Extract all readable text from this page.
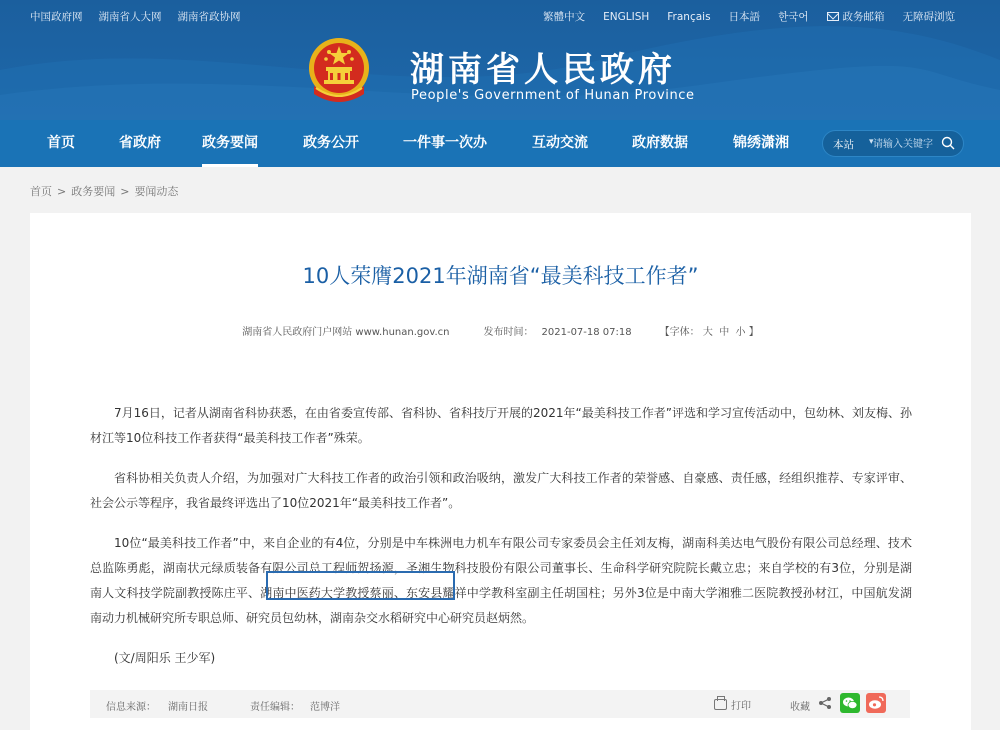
中国政府网 湖南省人大网 湖南省政协网	繁體中文 ENGLISH Français 日本語 한국어	政务邮箱 无障碍浏览
湖南省人民政府
People's Government of Hunan Province
首页	省政府	政务要闻	政务公开	一件事一次办	互动交流	政府数据	锦绣潇湘	本站 ▾
请输入关键字
首页 > 政务要闻 > 要闻动态
10人荣膺2021年湖南省“最美科技工作者”
湖南省人民政府门户网站 www.hunan.gov.cn	发布时间： 2021-07-18 07:18	【字体： 大 中 小 】

7月16日，记者从湖南省科协获悉，在由省委宣传部、省科协、省科技厅开展的2021年“最美科技工作者”评选和学习宣传活动中，包幼林、刘友梅、孙材江等10位科技工作者获得“最美科技工作者”殊荣。

省科协相关负责人介绍，为加强对广大科技工作者的政治引领和政治吸纳，激发广大科技工作者的荣誉感、自豪感、责任感，经组织推荐、专家评审、社会公示等程序，我省最终评选出了10位2021年“最美科技工作者”。

10位“最美科技工作者”中，来自企业的有4位，分别是中车株洲电力机车有限公司专家委员会主任刘友梅，湖南科美达电气股份有限公司总经理、技术总监陈勇彪，湖南状元绿质装备有限公司总工程师贺扬源，圣湘生物科技股份有限公司董事长、生命科学研究院院长戴立忠；来自学校的有3位，分别是湖南人文科技学院副教授陈庄平、湖南中医药大学教授蔡丽、东安县耀祥中学教科室副主任胡国柱；另外3位是中南大学湘雅二医院教授孙材江，中国航发湖南动力机械研究所专职总师、研究员包幼林，湖南杂交水稻研究中心研究员赵炳然。

(文/周阳乐 王少军)

信息来源： 湖南日报	责任编辑： 范博洋	打印	收藏
